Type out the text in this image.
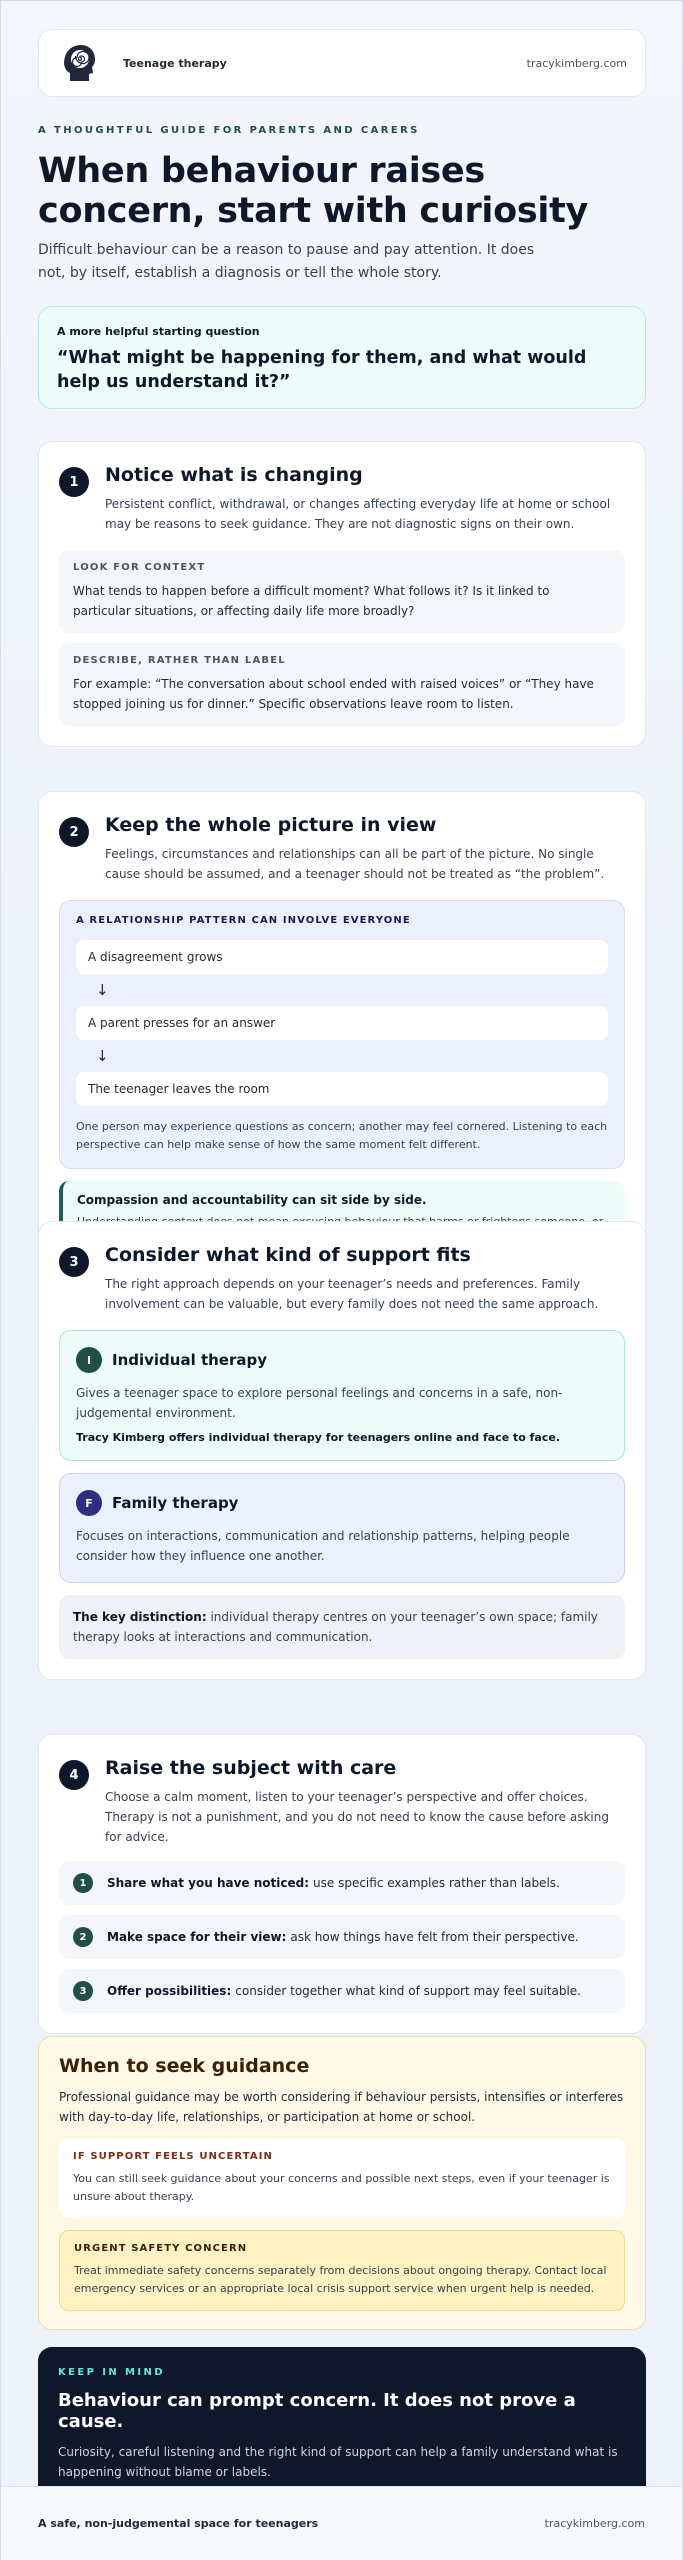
Teenage therapy	tracykimberg.com
A THOUGHTFUL GUIDE FOR PARENTS AND CARERS
When behaviour raises concern, start with curiosity
Difficult behaviour can be a reason to pause and pay attention. It does not, by itself, establish a diagnosis or tell the whole story.
A more helpful starting question
“What might be happening for them, and what would help us understand it?”
1	Notice what is changing
Persistent conflict, withdrawal, or changes affecting everyday life at home or school may be reasons to seek guidance. They are not diagnostic signs on their own.
LOOK FOR CONTEXT
What tends to happen before a difficult moment? What follows it? Is it linked to particular situations, or affecting daily life more broadly?
DESCRIBE, RATHER THAN LABEL
For example: “The conversation about school ended with raised voices” or “They have stopped joining us for dinner.” Specific observations leave room to listen.
2	Keep the whole picture in view
Feelings, circumstances and relationships can all be part of the picture. No single cause should be assumed, and a teenager should not be treated as “the problem”.
A RELATIONSHIP PATTERN CAN INVOLVE EVERYONE
A disagreement grows
↓
A parent presses for an answer
↓
The teenager leaves the room
One person may experience questions as concern; another may feel cornered. Listening to each perspective can help make sense of how the same moment felt different.
Compassion and accountability can sit side by side.
3	Consider what kind of support fits
The right approach depends on your teenager’s needs and preferences. Family involvement can be valuable, but every family does not need the same approach.
I	Individual therapy
Gives a teenager space to explore personal feelings and concerns in a safe, non-judgemental environment.
Tracy Kimberg offers individual therapy for teenagers online and face to face.
F	Family therapy
Focuses on interactions, communication and relationship patterns, helping people consider how they influence one another.
The key distinction: individual therapy centres on your teenager’s own space; family therapy looks at interactions and communication.
4	Raise the subject with care
Choose a calm moment, listen to your teenager’s perspective and offer choices. Therapy is not a punishment, and you do not need to know the cause before asking for advice.
1	Share what you have noticed: use specific examples rather than labels.
2	Make space for their view: ask how things have felt from their perspective.
3	Offer possibilities: consider together what kind of support may feel suitable.
When to seek guidance
Professional guidance may be worth considering if behaviour persists, intensifies or interferes with day-to-day life, relationships, or participation at home or school.
IF SUPPORT FEELS UNCERTAIN
You can still seek guidance about your concerns and possible next steps, even if your teenager is unsure about therapy.
URGENT SAFETY CONCERN
Treat immediate safety concerns separately from decisions about ongoing therapy. Contact local emergency services or an appropriate local crisis support service when urgent help is needed.
KEEP IN MIND
Behaviour can prompt concern. It does not prove a cause.
Curiosity, careful listening and the right kind of support can help a family understand what is happening without blame or labels.
A safe, non-judgemental space for teenagers	tracykimberg.com
